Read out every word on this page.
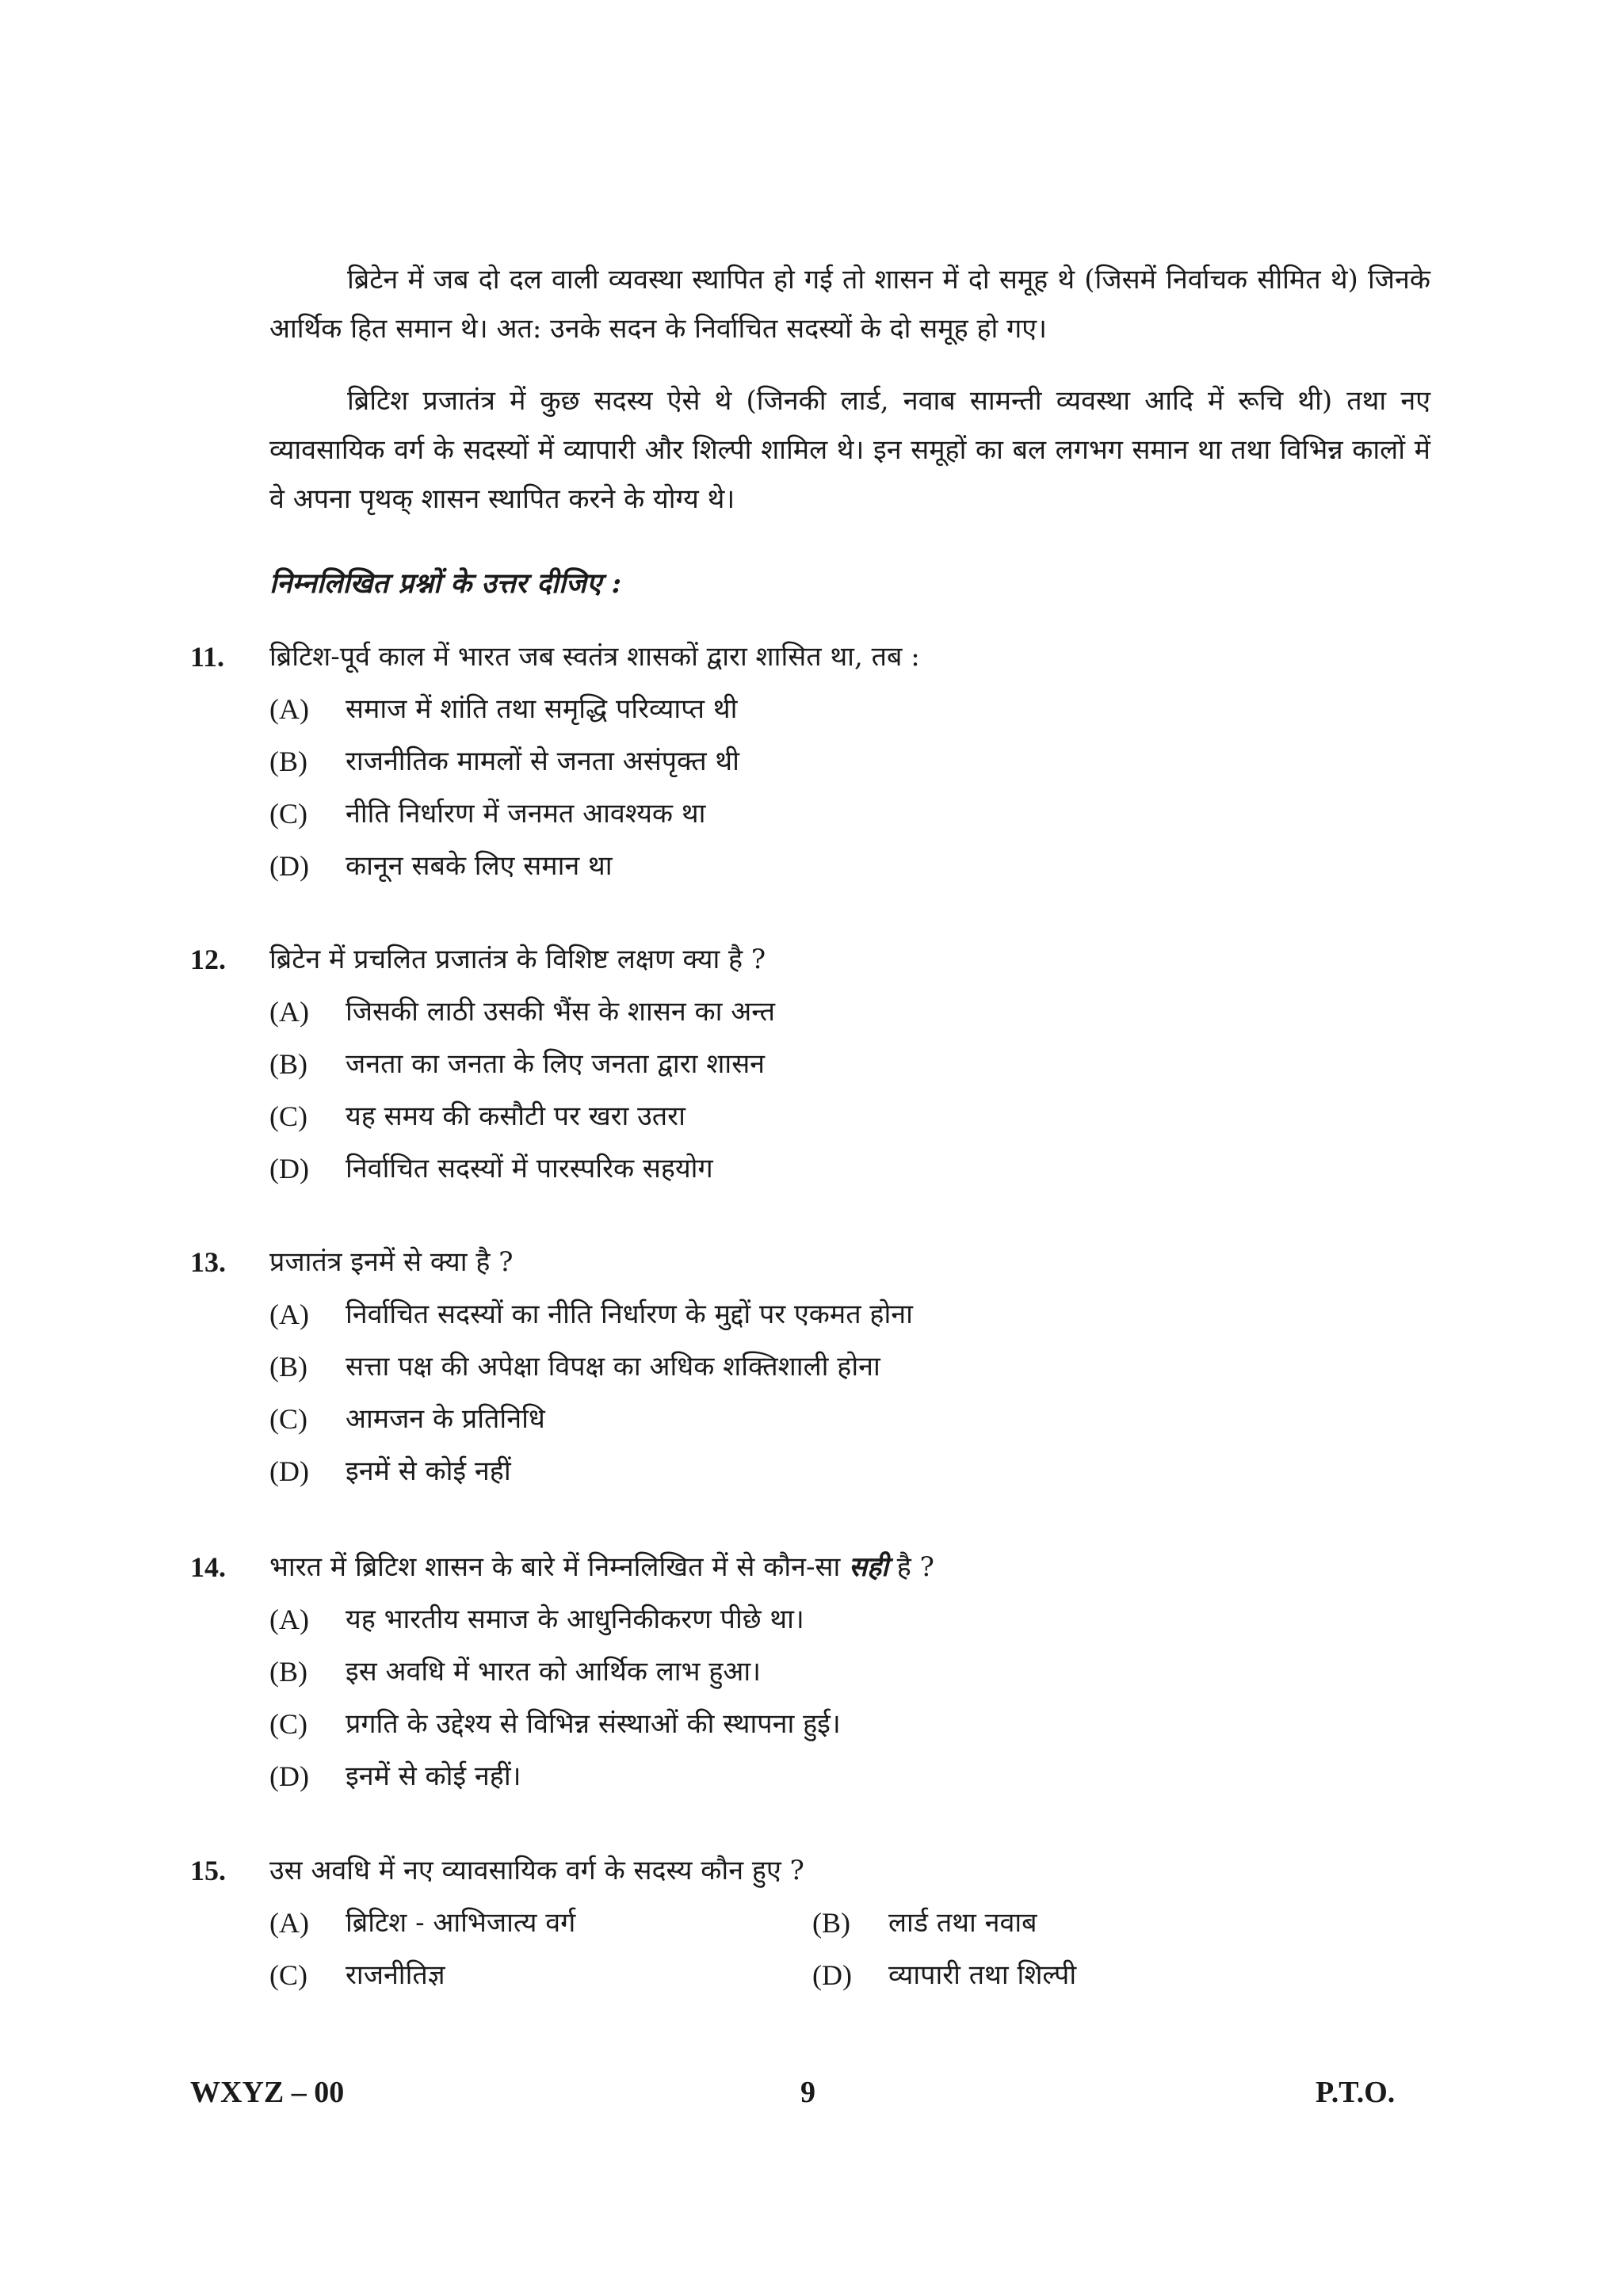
ब्रिटेन में जब दो दल वाली व्यवस्था स्थापित हो गई तो शासन में दो समूह थे (जिसमें निर्वाचक सीमित थे) जिनके आर्थिक हित समान थे। अत: उनके सदन के निर्वाचित सदस्यों के दो समूह हो गए।

ब्रिटिश प्रजातंत्र में कुछ सदस्य ऐसे थे (जिनकी लार्ड, नवाब सामन्ती व्यवस्था आदि में रूचि थी) तथा नए व्यावसायिक वर्ग के सदस्यों में व्यापारी और शिल्पी शामिल थे। इन समूहों का बल लगभग समान था तथा विभिन्न कालों में वे अपना पृथक् शासन स्थापित करने के योग्य थे।

निम्नलिखित प्रश्नों के उत्तर दीजिए :

11. ब्रिटिश-पूर्व काल में भारत जब स्वतंत्र शासकों द्वारा शासित था, तब :
(A) समाज में शांति तथा समृद्धि परिव्याप्त थी
(B) राजनीतिक मामलों से जनता असंपृक्त थी
(C) नीति निर्धारण में जनमत आवश्यक था
(D) कानून सबके लिए समान था
12. ब्रिटेन में प्रचलित प्रजातंत्र के विशिष्ट लक्षण क्या है ?
(A) जिसकी लाठी उसकी भैंस के शासन का अन्त
(B) जनता का जनता के लिए जनता द्वारा शासन
(C) यह समय की कसौटी पर खरा उतरा
(D) निर्वाचित सदस्यों में पारस्परिक सहयोग
13. प्रजातंत्र इनमें से क्या है ?
(A) निर्वाचित सदस्यों का नीति निर्धारण के मुद्दों पर एकमत होना
(B) सत्ता पक्ष की अपेक्षा विपक्ष का अधिक शक्तिशाली होना
(C) आमजन के प्रतिनिधि
(D) इनमें से कोई नहीं
14. भारत में ब्रिटिश शासन के बारे में निम्नलिखित में से कौन-सा सही है ?
(A) यह भारतीय समाज के आधुनिकीकरण पीछे था।
(B) इस अवधि में भारत को आर्थिक लाभ हुआ।
(C) प्रगति के उद्देश्य से विभिन्न संस्थाओं की स्थापना हुई।
(D) इनमें से कोई नहीं।
15. उस अवधि में नए व्यावसायिक वर्ग के सदस्य कौन हुए ?
(A) ब्रिटिश - आभिजात्य वर्ग	(B) लार्ड तथा नवाब
(C) राजनीतिज्ञ	(D) व्यापारी तथा शिल्पी
WXYZ – 00	9	P.T.O.
